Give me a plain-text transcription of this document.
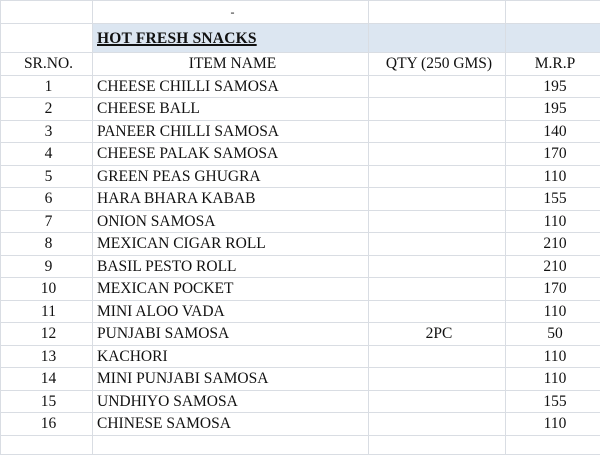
	-		
	HOT FRESH SNACKS		
SR.NO.	ITEM NAME	QTY (250 GMS)	M.R.P
1	CHEESE CHILLI SAMOSA		195
2	CHEESE BALL		195
3	PANEER CHILLI SAMOSA		140
4	CHEESE PALAK SAMOSA		170
5	GREEN PEAS GHUGRA		110
6	HARA BHARA KABAB		155
7	ONION SAMOSA		110
8	MEXICAN CIGAR ROLL		210
9	BASIL PESTO ROLL		210
10	MEXICAN POCKET		170
11	MINI ALOO VADA		110
12	PUNJABI SAMOSA	2PC	50
13	KACHORI		110
14	MINI PUNJABI SAMOSA		110
15	UNDHIYO SAMOSA		155
16	CHINESE SAMOSA		110
